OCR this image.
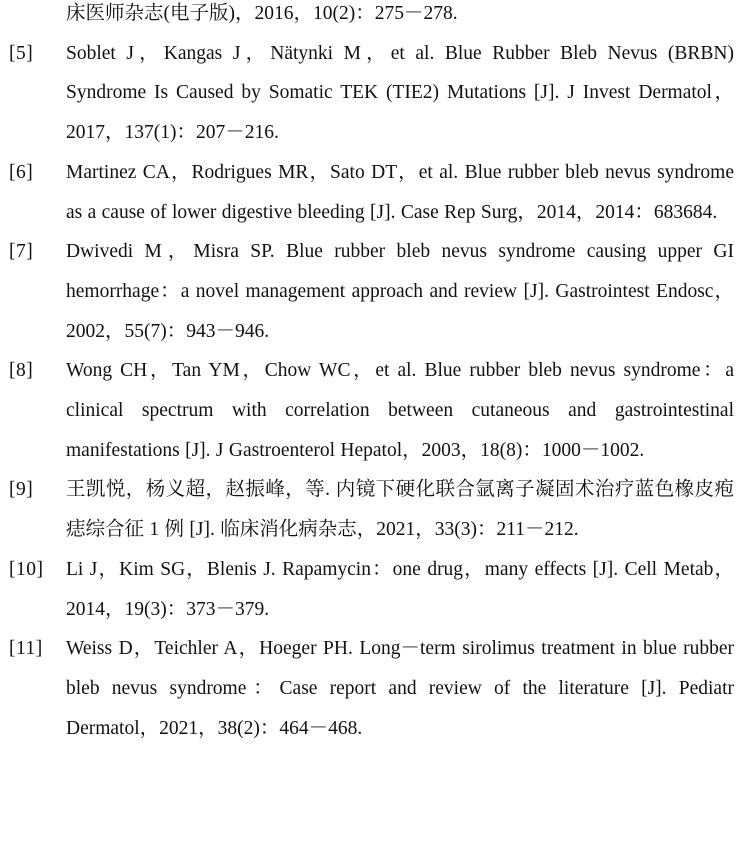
床医师杂志(电子版)，2016，10(2)：275－278.
[5] Soblet J，Kangas J，Nätynki M，et al. Blue Rubber Bleb Nevus (BRBN) Syndrome Is Caused by Somatic TEK (TIE2) Mutations [J]. J Invest Dermatol，2017，137(1)：207－216.
[6] Martinez CA，Rodrigues MR，Sato DT，et al. Blue rubber bleb nevus syndrome as a cause of lower digestive bleeding [J]. Case Rep Surg，2014，2014：683684.
[7] Dwivedi M，Misra SP. Blue rubber bleb nevus syndrome causing upper GI hemorrhage：a novel management approach and review [J]. Gastrointest Endosc，2002，55(7)：943－946.
[8] Wong CH，Tan YM，Chow WC，et al. Blue rubber bleb nevus syndrome：a clinical spectrum with correlation between cutaneous and gastrointestinal manifestations [J]. J Gastroenterol Hepatol，2003，18(8)：1000－1002.
[9] 王凯悦，杨义超，赵振峰，等. 内镜下硬化联合氩离子凝固术治疗蓝色橡皮疱痣综合征 1 例 [J]. 临床消化病杂志，2021，33(3)：211－212.
[10] Li J，Kim SG，Blenis J. Rapamycin：one drug，many effects [J]. Cell Metab，2014，19(3)：373－379.
[11] Weiss D，Teichler A，Hoeger PH. Long－term sirolimus treatment in blue rubber bleb nevus syndrome：Case report and review of the literature [J]. Pediatr Dermatol，2021，38(2)：464－468.
